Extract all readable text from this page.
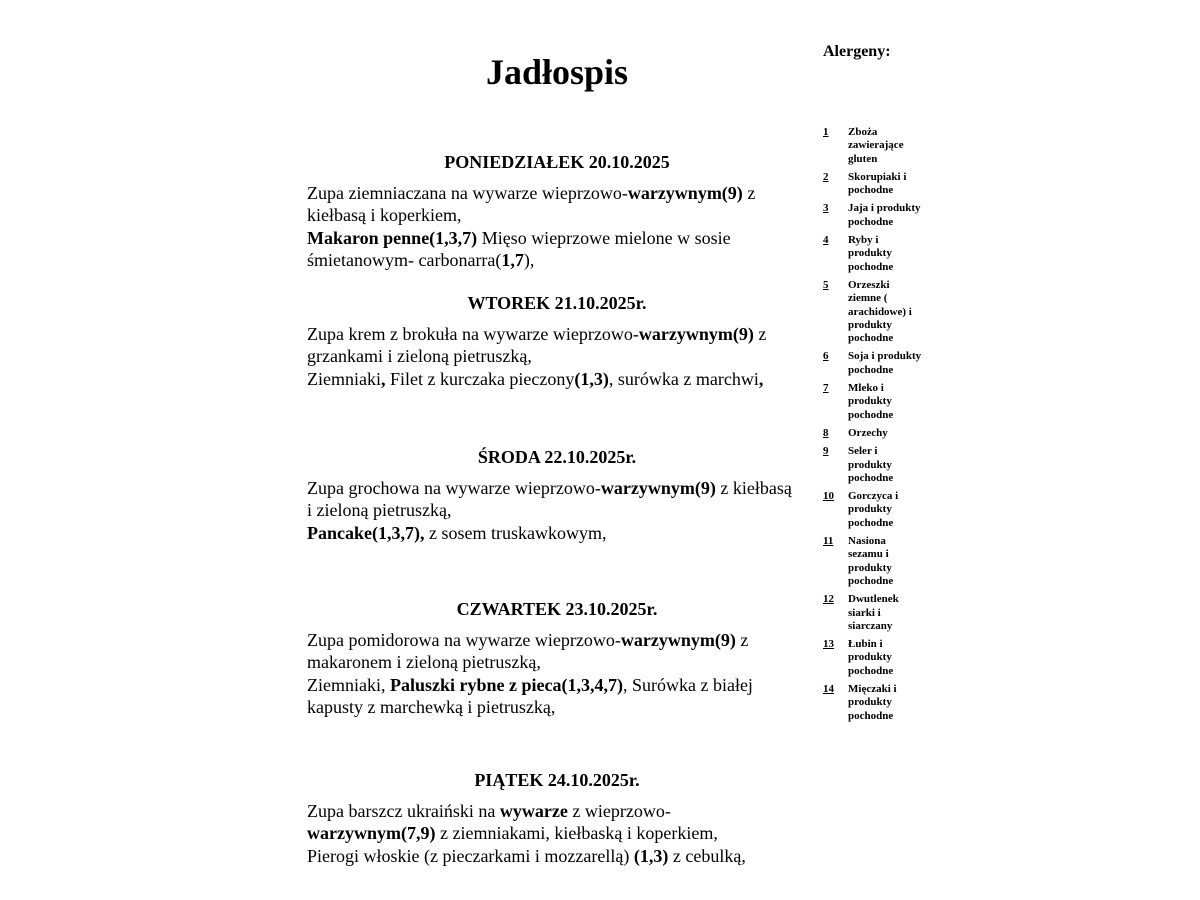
Jadłospis
PONIEDZIAŁEK 20.10.2025
Zupa ziemniaczana na wywarze wieprzowo-warzywnym(9) z
kiełbasą i koperkiem,
Makaron penne(1,3,7) Mięso wieprzowe mielone w sosie
śmietanowym- carbonarra(1,7),
WTOREK 21.10.2025r.
Zupa krem z brokuła na wywarze wieprzowo-warzywnym(9) z
grzankami i zieloną pietruszką,
Ziemniaki, Filet z kurczaka pieczony(1,3), surówka z marchwi,
ŚRODA 22.10.2025r.
Zupa grochowa na wywarze wieprzowo-warzywnym(9) z kiełbasą
i zieloną pietruszką,
Pancake(1,3,7), z sosem truskawkowym,
CZWARTEK 23.10.2025r.
Zupa pomidorowa na wywarze wieprzowo-warzywnym(9) z
makaronem i zieloną pietruszką,
Ziemniaki, Paluszki rybne z pieca(1,3,4,7), Surówka z białej
kapusty z marchewką i pietruszką,
PIĄTEK 24.10.2025r.
Zupa barszcz ukraiński na wywarze z wieprzowo-
warzywnym(7,9) z ziemniakami, kiełbaską i koperkiem,
Pierogi włoskie (z pieczarkami i mozzarellą) (1,3) z cebulką,
Alergeny:
1	Zboża zawierające gluten
2	Skorupiaki i pochodne
3	Jaja i produkty pochodne
4	Ryby i produkty pochodne
5	Orzeszki ziemne ( arachidowe) i produkty pochodne
6	Soja i produkty pochodne
7	Mleko i produkty pochodne
8	Orzechy
9	Seler i produkty pochodne
10	Gorczyca i produkty pochodne
11	Nasiona sezamu i produkty pochodne
12	Dwutlenek siarki i siarczany
13	Łubin i produkty pochodne
14	Mięczaki i produkty pochodne
